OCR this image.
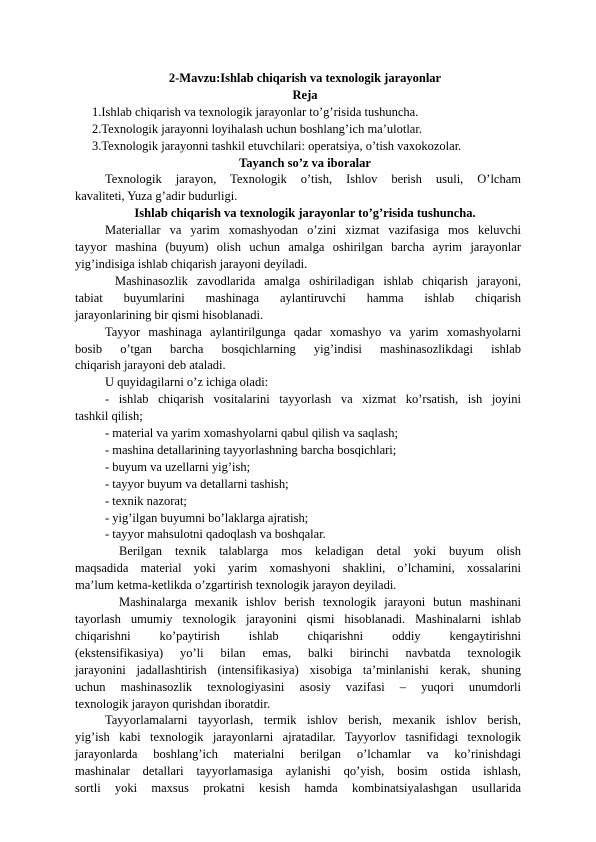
2-Mavzu:Ishlab chiqarish va texnologik jarayonlar
Reja
1.Ishlab chiqarish va texnologik jarayonlar to’g’risida tushuncha.
2.Texnologik jarayonni loyihalash uchun boshlang’ich ma’ulotlar.
3.Texnologik jarayonni tashkil etuvchilari: operatsiya, o’tish vaxokozolar.
Tayanch so’z va iboralar
Texnologik jarayon, Texnologik o’tish, Ishlov berish usuli, O’lcham
kavaliteti, Yuza g’adir budurligi.
Ishlab chiqarish va texnologik jarayonlar to’g’risida tushuncha.
Materiallar va yarim xomashyodan o’zini xizmat vazifasiga mos keluvchi
tayyor mashina (buyum) olish uchun amalga oshirilgan barcha ayrim jarayonlar
yig’indisiga ishlab chiqarish jarayoni deyiladi.
Mashinasozlik zavodlarida amalga oshiriladigan ishlab chiqarish jarayoni,
tabiat buyumlarini mashinaga aylantiruvchi hamma ishlab chiqarish
jarayonlarining bir qismi hisoblanadi.
Tayyor mashinaga aylantirilgunga qadar xomashyo va yarim xomashyolarni
bosib o’tgan barcha bosqichlarning yig’indisi mashinasozlikdagi ishlab
chiqarish jarayoni deb ataladi.
U quyidagilarni o’z ichiga oladi:
- ishlab chiqarish vositalarini tayyorlash va xizmat ko’rsatish, ish joyini
tashkil qilish;
- material va yarim xomashyolarni qabul qilish va saqlash;
- mashina detallarining tayyorlashning barcha bosqichlari;
- buyum va uzellarni yig’ish;
- tayyor buyum va detallarni tashish;
- texnik nazorat;
- yig’ilgan buyumni bo’laklarga ajratish;
- tayyor mahsulotni qadoqlash va boshqalar.
Berilgan texnik talablarga mos keladigan detal yoki buyum olish
maqsadida material yoki yarim xomashyoni shaklini, o’lchamini, xossalarini
ma’lum ketma-ketlikda o’zgartirish texnologik jarayon deyiladi.
Mashinalarga mexanik ishlov berish texnologik jarayoni butun mashinani
tayorlash umumiy texnologik jarayonini qismi hisoblanadi. Mashinalarni ishlab
chiqarishni ko’paytirish ishlab chiqarishni oddiy kengaytirishni
(ekstensifikasiya) yo’li bilan emas, balki birinchi navbatda texnologik
jarayonini jadallashtirish (intensifikasiya) xisobiga ta’minlanishi kerak, shuning
uchun mashinasozlik texnologiyasini asosiy vazifasi – yuqori unumdorli
texnologik jarayon qurishdan iboratdir.
Tayyorlamalarni tayyorlash, termik ishlov berish, mexanik ishlov berish,
yig’ish kabi texnologik jarayonlarni ajratadilar. Tayyorlov tasnifidagi texnologik
jarayonlarda boshlang’ich materialni berilgan o’lchamlar va ko’rinishdagi
mashinalar detallari tayyorlamasiga aylanishi qo’yish, bosim ostida ishlash,
sortli yoki maxsus prokatni kesish hamda kombinatsiyalashgan usullarida
